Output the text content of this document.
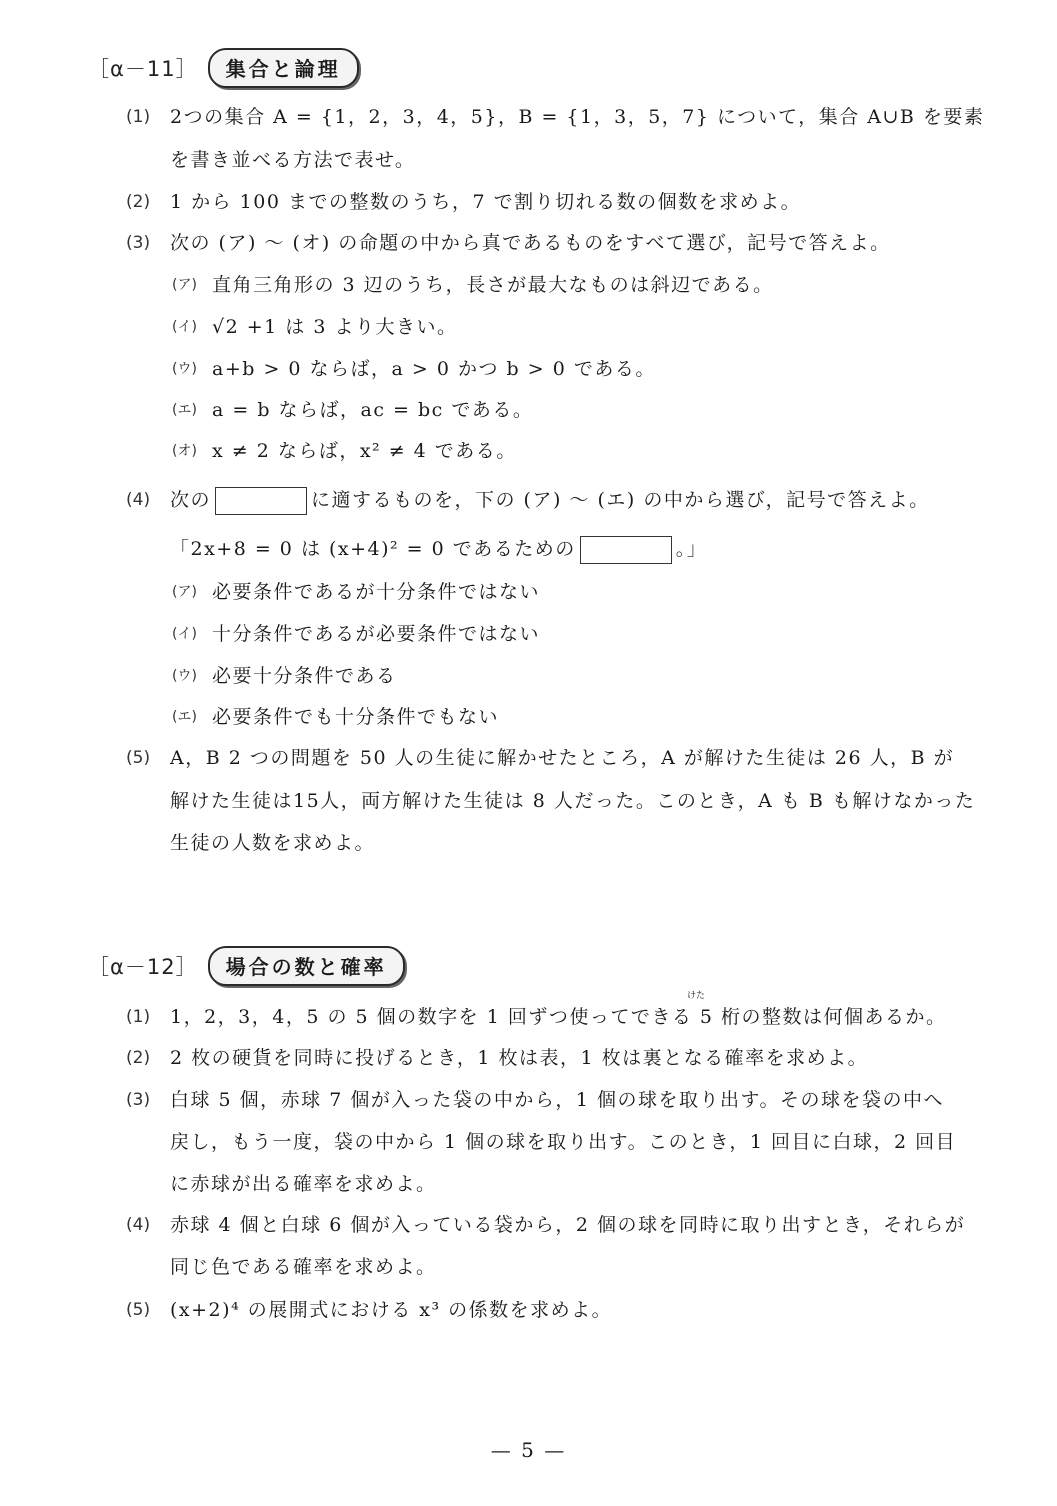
［α－11］	集合と論理
(1) 2つの集合 A = {1，2，3，4，5}，B = {1，3，5，7} について，集合 A∪B を要素
を書き並べる方法で表せ。
(2) 1 から 100 までの整数のうち，7 で割り切れる数の個数を求めよ。
(3) 次の (ア) ～ (オ) の命題の中から真であるものをすべて選び，記号で答えよ。
(ア) 直角三角形の 3 辺のうち，長さが最大なものは斜辺である。
(イ) √2 +1 は 3 より大きい。
(ウ) a+b > 0 ならば，a > 0 かつ b > 0 である。
(エ) a = b ならば，ac = bc である。
(オ) x ≠ 2 ならば，x² ≠ 4 である。
(4) 次の	に適するものを，下の (ア) ～ (エ) の中から選び，記号で答えよ。
「2x+8 = 0 は (x+4)² = 0 であるための	。」
(ア) 必要条件であるが十分条件ではない
(イ) 十分条件であるが必要条件ではない
(ウ) 必要十分条件である
(エ) 必要条件でも十分条件でもない
(5) A，B 2 つの問題を 50 人の生徒に解かせたところ，A が解けた生徒は 26 人，B が
解けた生徒は15人，両方解けた生徒は 8 人だった。このとき，A も B も解けなかった
生徒の人数を求めよ。
［α－12］	場合の数と確率
(1)
けた
1，2，3，4，5 の 5 個の数字を 1 回ずつ使ってできる 5 桁の整数は何個あるか。
(2) 2 枚の硬貨を同時に投げるとき，1 枚は表，1 枚は裏となる確率を求めよ。
(3) 白球 5 個，赤球 7 個が入った袋の中から，1 個の球を取り出す。その球を袋の中へ
戻し，もう一度，袋の中から 1 個の球を取り出す。このとき，1 回目に白球，2 回目
に赤球が出る確率を求めよ。
(4) 赤球 4 個と白球 6 個が入っている袋から，2 個の球を同時に取り出すとき，それらが
同じ色である確率を求めよ。
(5) (x+2)⁴ の展開式における x³ の係数を求めよ。
— 5 —
